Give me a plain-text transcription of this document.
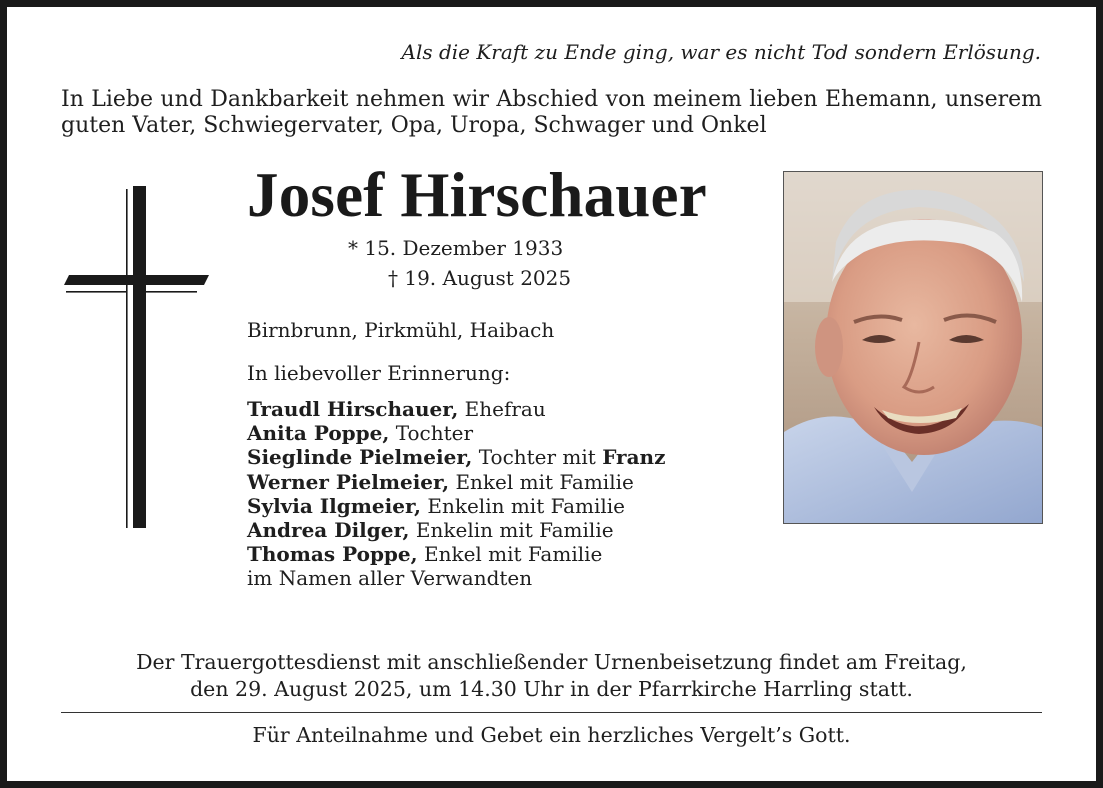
Als die Kraft zu Ende ging, war es nicht Tod sondern Erlösung.
In Liebe und Dankbarkeit nehmen wir Abschied von meinem lieben Ehemann, unserem guten Vater, Schwiegervater, Opa, Uropa, Schwager und Onkel
Josef Hirschauer
* 15. Dezember 1933
† 19. August 2025
Birnbrunn, Pirkmühl, Haibach
In liebevoller Erinnerung:
Traudl Hirschauer, Ehefrau
Anita Poppe, Tochter
Sieglinde Pielmeier, Tochter mit Franz
Werner Pielmeier, Enkel mit Familie
Sylvia Ilgmeier, Enkelin mit Familie
Andrea Dilger, Enkelin mit Familie
Thomas Poppe, Enkel mit Familie
im Namen aller Verwandten
Der Trauergottesdienst mit anschließender Urnenbeisetzung findet am Freitag,
den 29. August 2025, um 14.30 Uhr in der Pfarrkirche Harrling statt.
Für Anteilnahme und Gebet ein herzliches Vergelt’s Gott.
